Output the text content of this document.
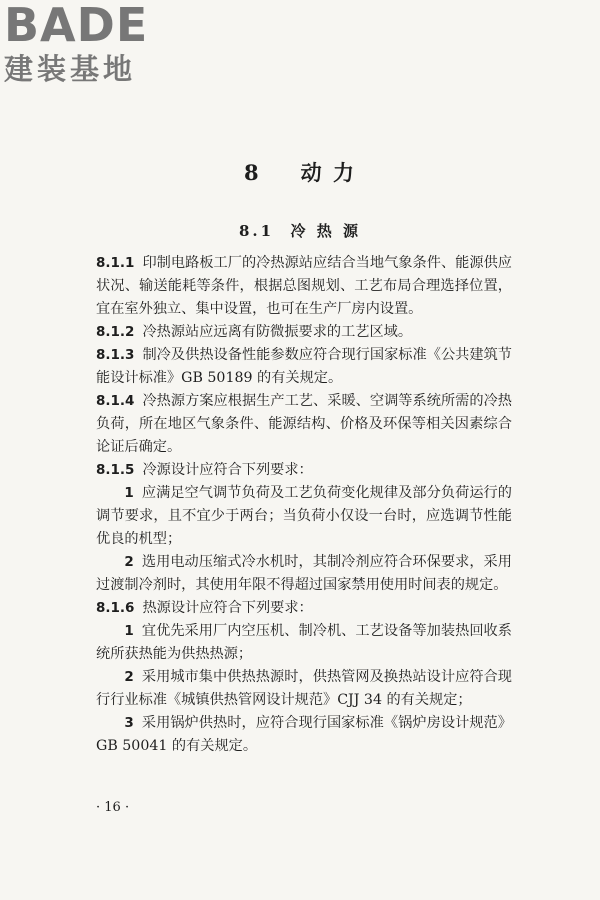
BADE
建装基地
8 动 力
8.1 冷 热 源

8.1.1 印制电路板工厂的冷热源站应结合当地气象条件、能源供应状况、输送能耗等条件，根据总图规划、工艺布局合理选择位置，宜在室外独立、集中设置，也可在生产厂房内设置。

8.1.2 冷热源站应远离有防微振要求的工艺区域。

8.1.3 制冷及供热设备性能参数应符合现行国家标准《公共建筑节能设计标准》GB 50189 的有关规定。

8.1.4 冷热源方案应根据生产工艺、采暖、空调等系统所需的冷热负荷，所在地区气象条件、能源结构、价格及环保等相关因素综合论证后确定。

8.1.5 冷源设计应符合下列要求：

1 应满足空气调节负荷及工艺负荷变化规律及部分负荷运行的调节要求，且不宜少于两台；当负荷小仅设一台时，应选调节性能优良的机型；

2 选用电动压缩式冷水机时，其制冷剂应符合环保要求，采用过渡制冷剂时，其使用年限不得超过国家禁用使用时间表的规定。

8.1.6 热源设计应符合下列要求：

1 宜优先采用厂内空压机、制冷机、工艺设备等加装热回收系统所获热能为供热热源；

2 采用城市集中供热热源时，供热管网及换热站设计应符合现行行业标准《城镇供热管网设计规范》CJJ 34 的有关规定；

3 采用锅炉供热时，应符合现行国家标准《锅炉房设计规范》GB 50041 的有关规定。

· 16 ·
